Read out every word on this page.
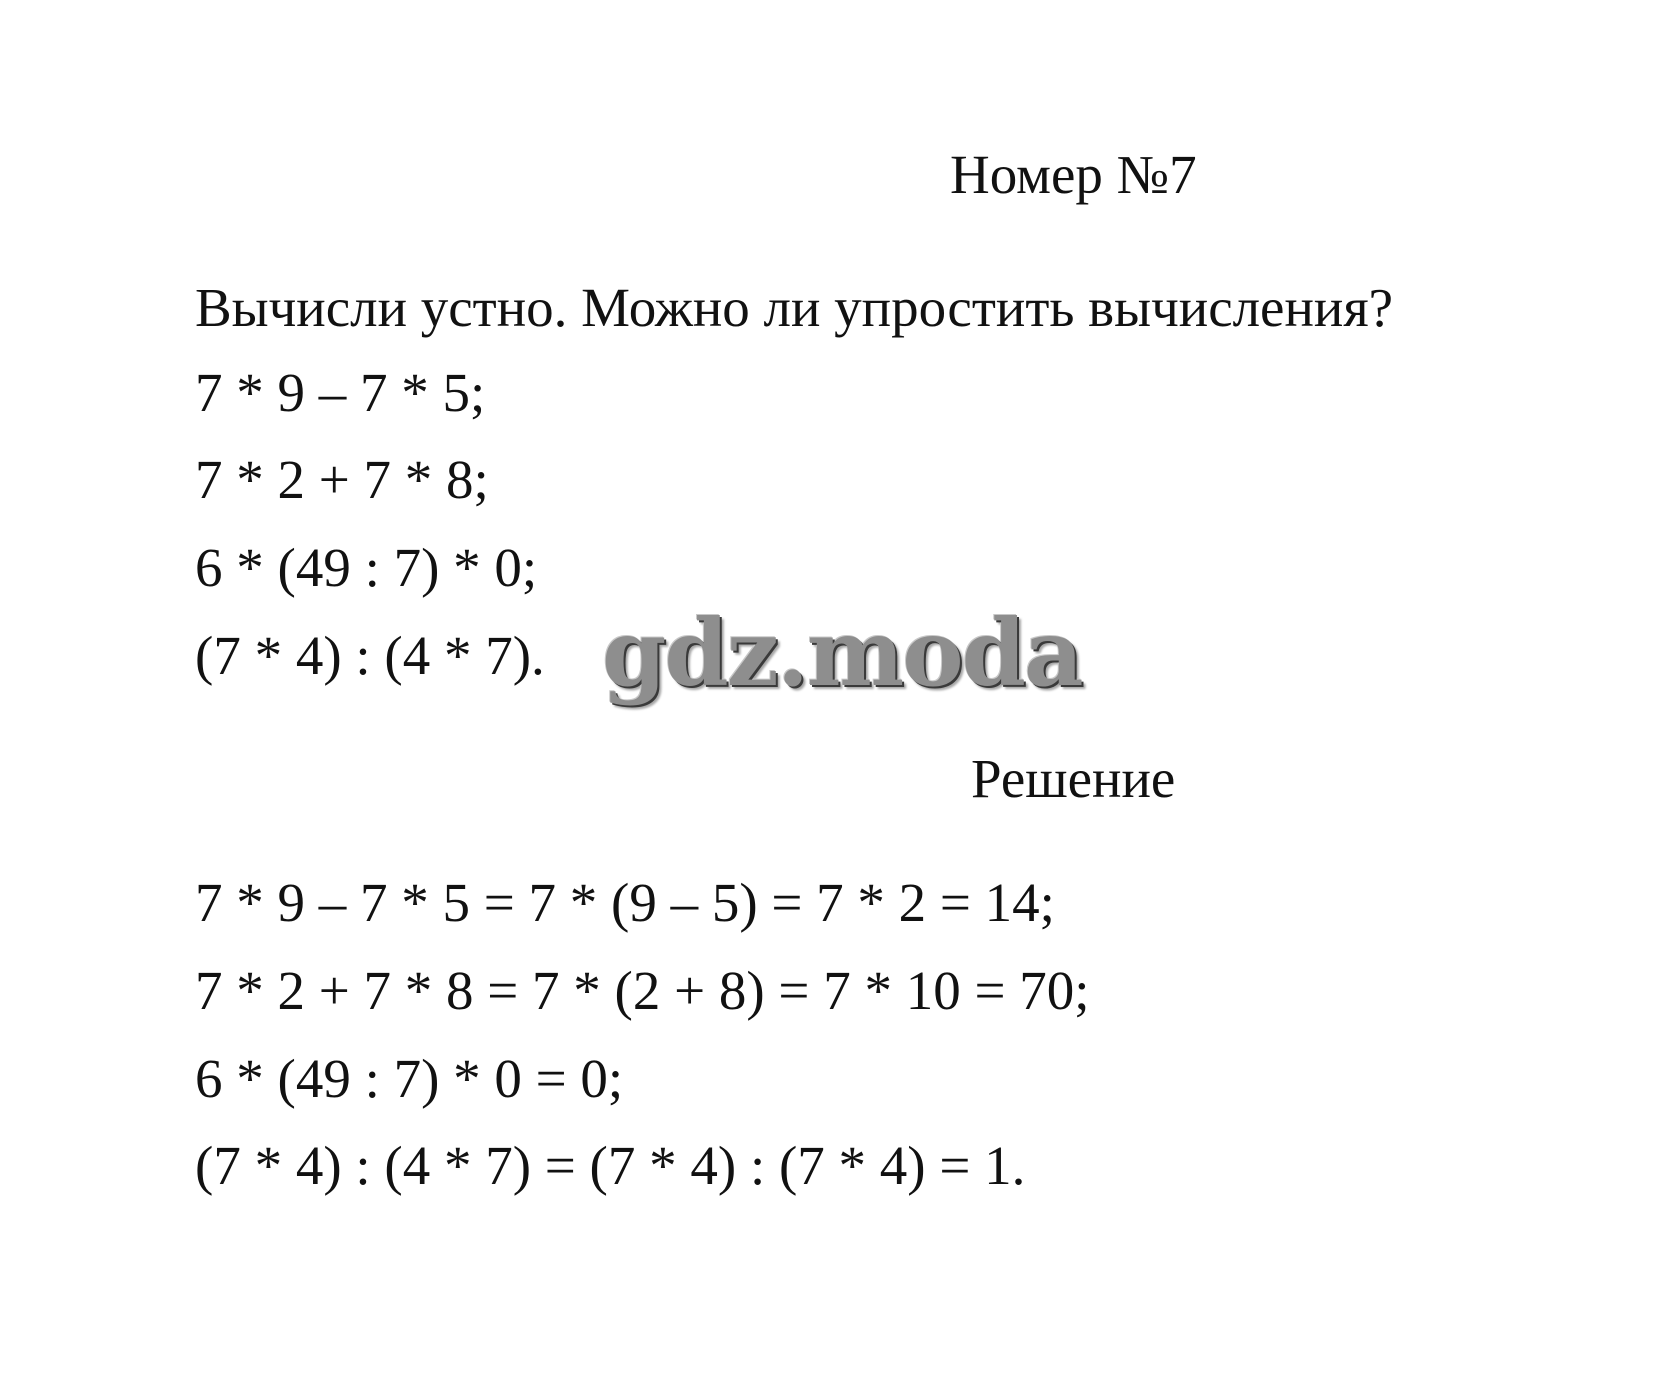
Номер №7
Вычисли устно. Можно ли упростить вычисления?
7 * 9 – 7 * 5;
7 * 2 + 7 * 8;
6 * (49 : 7) * 0;
(7 * 4) : (4 * 7). gdz.moda
Решение
7 * 9 – 7 * 5 = 7 * (9 – 5) = 7 * 2 = 14;
7 * 2 + 7 * 8 = 7 * (2 + 8) = 7 * 10 = 70;
6 * (49 : 7) * 0 = 0;
(7 * 4) : (4 * 7) = (7 * 4) : (7 * 4) = 1.
